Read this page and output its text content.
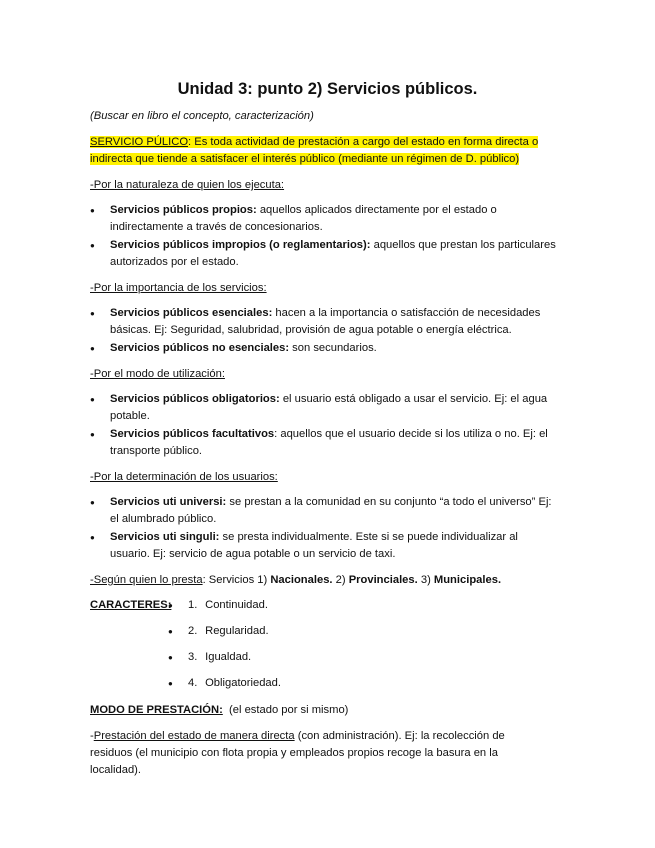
Unidad 3: punto 2) Servicios públicos.

(Buscar en libro el concepto, caracterización)

SERVICIO PÚLICO: Es toda actividad de prestación a cargo del estado en forma directa o indirecta que tiende a satisfacer el interés público (mediante un régimen de D. público)

-Por la naturaleza de quien los ejecuta:

● Servicios públicos propios: aquellos aplicados directamente por el estado o indirectamente a través de concesionarios.
● Servicios públicos impropios (o reglamentarios): aquellos que prestan los particulares autorizados por el estado.

-Por la importancia de los servicios:

● Servicios públicos esenciales: hacen a la importancia o satisfacción de necesidades básicas. Ej: Seguridad, salubridad, provisión de agua potable o energía eléctrica.
● Servicios públicos no esenciales: son secundarios.

-Por el modo de utilización:

● Servicios públicos obligatorios: el usuario está obligado a usar el servicio. Ej: el agua potable.
● Servicios públicos facultativos: aquellos que el usuario decide si los utiliza o no. Ej: el transporte público.

-Por la determinación de los usuarios:

● Servicios uti universi: se prestan a la comunidad en su conjunto “a todo el universo” Ej: el alumbrado público.
● Servicios uti singuli: se presta individualmente. Este si se puede individualizar al usuario. Ej: servicio de agua potable o un servicio de taxi.

-Según quien lo presta: Servicios 1) Nacionales. 2) Provinciales. 3) Municipales.

CARACTERES:
●	1. Continuidad.
● 2. Regularidad.
● 3. Igualdad.
● 4. Obligatoriedad.

MODO DE PRESTACIÓN:  (el estado por si mismo)

-Prestación del estado de manera directa (con administración). Ej: la recolección de residuos (el municipio con flota propia y empleados propios recoge la basura en la localidad).
